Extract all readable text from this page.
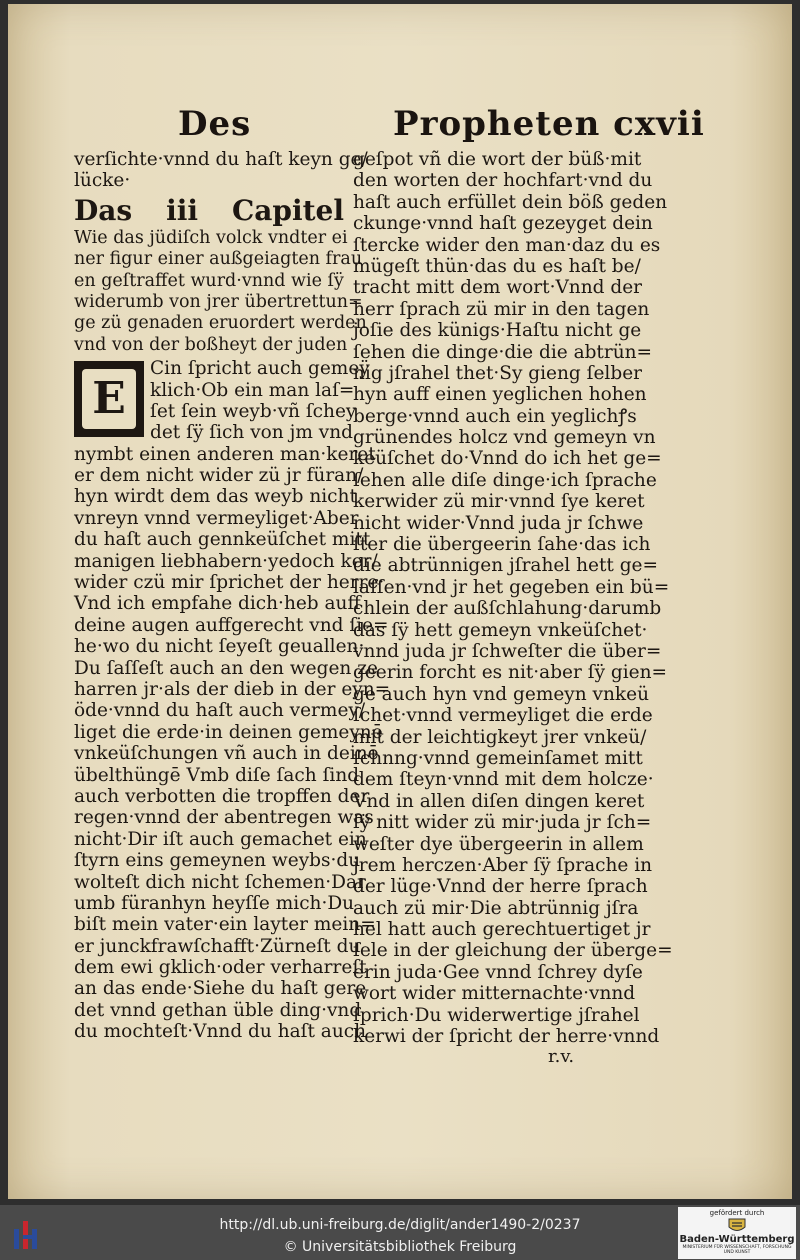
Des	Propheten cxvii
verſichte·vnnd du haſt keyn ge/
lücke·
Das iii Capitel
Wie das jüdiſch volck vndter ei
ner figur einer außgeiagten frau
en geſtraffet wurd·vnnd wie ſÿ
widerumb von jrer übertrettun=
ge zü genaden eruordert werden
vnd von der boßheyt der juden
E
Cin ſpricht auch gemeÿ
klich·Ob ein man laſ=
ſet ſein weyb·vñ ſchey
det ſÿ ſich von jm vnd
nymbt einen anderen man·keret
er dem nicht wider zü jr füran/
hyn wirdt dem das weyb nicht
vnreyn vnnd vermeyliget·Aber
du haſt auch gennkeüſchet mitt
manigen liebhabern·yedoch ker/
wider czü mir ſprichet der herre·
Vnd ich empfahe dich·heb auff
deine augen auffgerecht vnd ſie=
he·wo du nicht ſeyeſt geuallen·
Du ſaſſeſt auch an den wegen ze
harren jr·als der dieb in der eyn=
öde·vnnd du haſt auch vermey/
liget die erde·in deinen gemeynē
vnkeüſchungen vñ auch in deinē
übelthüngē Vmb diſe ſach ſind
auch verbotten die tropffen der
regen·vnnd der abentregen was
nicht·Dir iſt auch gemachet ein
ſtyrn eins gemeynen weybs·du
wolteſt dich nicht ſchemen·Dar
umb füranhyn heyſſe mich·Du
biſt mein vater·ein layter mein=
er junckfrawſchafft·Zürneſt du
dem ewi gklich·oder verharreſt
an das ende·Siehe du haſt gere
det vnnd gethan üble ding·vnd
du mochteſt·Vnnd du haſt auch
geſpot vñ die wort der büß·mit
den worten der hochfart·vnd du
haſt auch erfüllet dein böß geden
ckunge·vnnd haſt gezeyget dein
ſtercke wider den man·daz du es
mügeſt thün·das du es haſt be/
tracht mitt dem wort·Vnnd der
herr ſprach zü mir in den tagen
joſie des künigs·Haſtu nicht ge
ſehen die dinge·die die abtrün=
nig jſrahel thet·Sy gieng ſelber
hyn auff einen yeglichen hohen
berge·vnnd auch ein yeglichꝭs
grünendes holcz vnd gemeyn vn
keüſchet do·Vnnd do ich het ge=
ſehen alle diſe dinge·ich ſprache
kerwider zü mir·vnnd ſye keret
nicht wider·Vnnd juda jr ſchwe
ſter die übergeerin ſahe·das ich
die abtrünnigen jſrahel hett ge=
laſſen·vnd jr het gegeben ein bü=
chlein der außſchlahung·darumb
das ſÿ hett gemeyn vnkeüſchet·
vnnd juda jr ſchweſter die über=
geerin forcht es nit·aber ſÿ gien=
ge auch hyn vnd gemeyn vnkeü
ſchet·vnnd vermeyliget die erde
mit der leichtigkeyt jrer vnkeü/
ſchnng·vnnd gemeinſamet mitt
dem ſteyn·vnnd mit dem holcze·
Vnd in allen diſen dingen keret
ſÿ nitt wider zü mir·juda jr ſch=
weſter dye übergeerin in allem
jrem herczen·Aber ſÿ ſprache in
der lüge·Vnnd der herre ſprach
auch zü mir·Die abtrünnig jſra
hel hatt auch gerechtuertiget jr
ſele in der gleichung der überge=
erin juda·Gee vnnd ſchrey dyſe
wort wider mitternachte·vnnd
ſprich·Du widerwertige jſrahel
kerwi der ſpricht der herre·vnnd
r.v.
http://dl.ub.uni-freiburg.de/diglit/ander1490-2/0237
© Universitätsbibliothek Freiburg
gefördert durch
Baden-Württemberg
MINISTERIUM FÜR WISSENSCHAFT, FORSCHUNG UND KUNST
